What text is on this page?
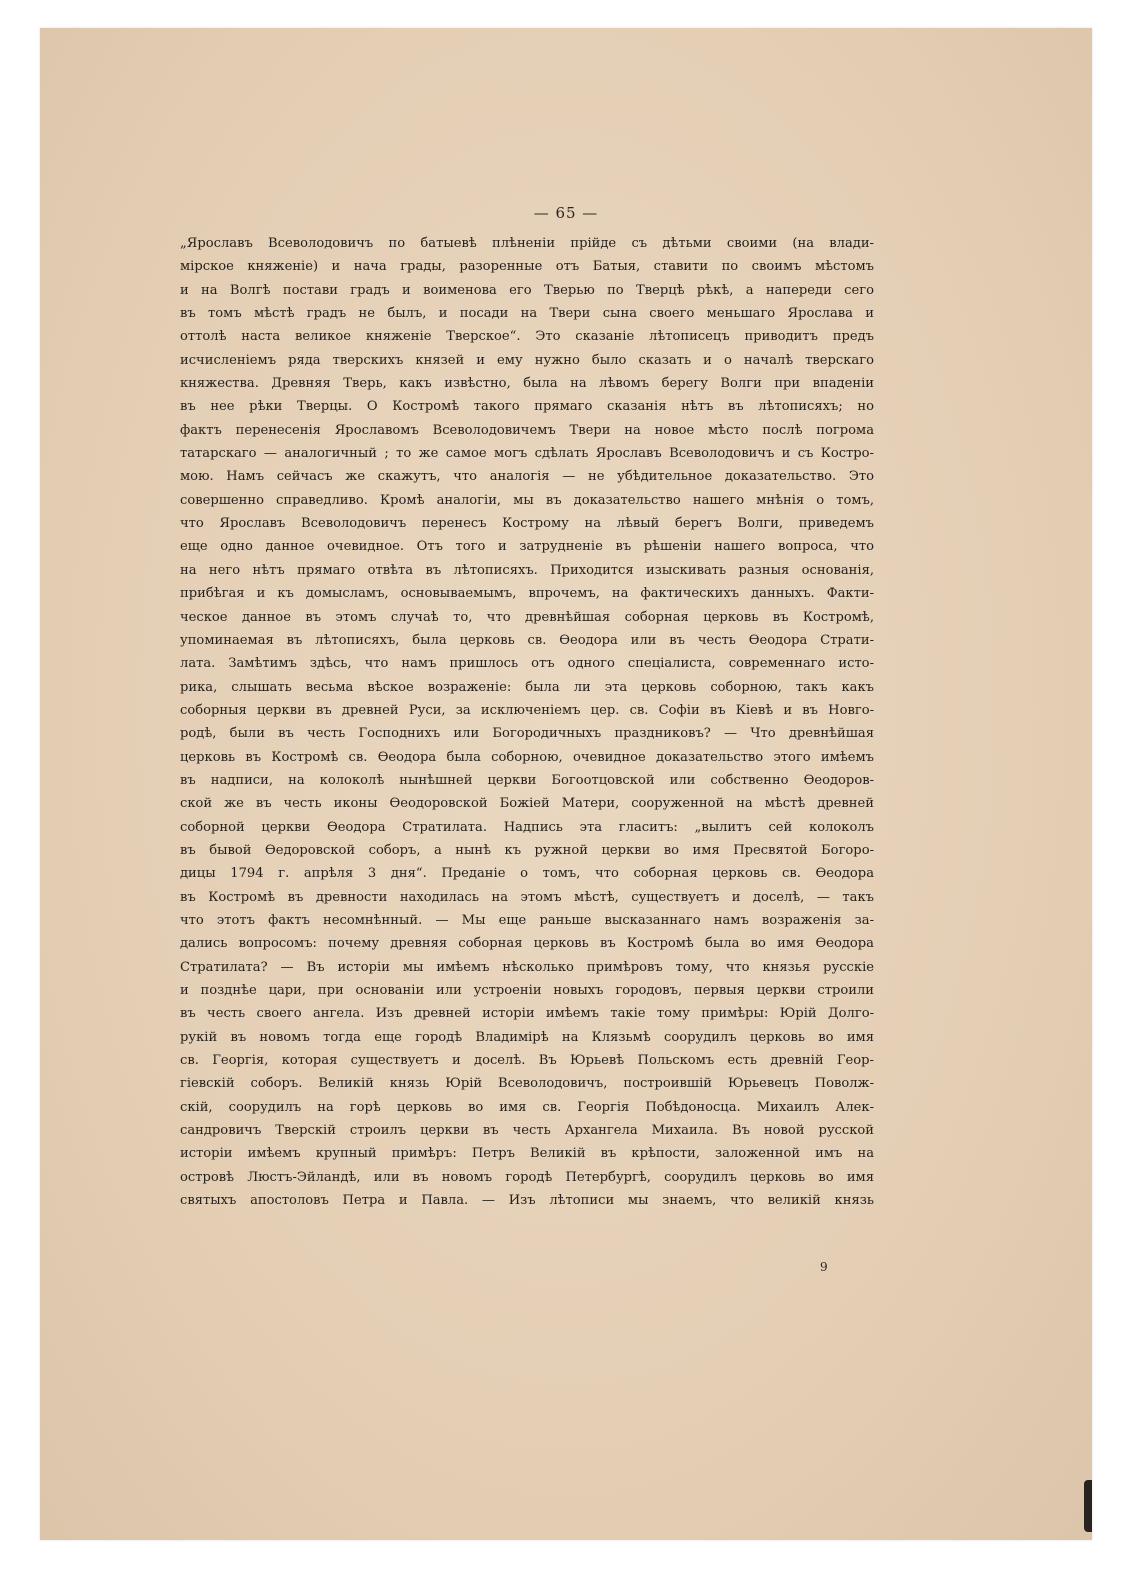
— 65 —
„Ярославъ Всеволодовичъ по батыевѣ плѣненіи прійде съ дѣтьми своими (на влади-
мірское княженіе) и нача грады, разоренные отъ Батыя, ставити по своимъ мѣстомъ
и на Волгѣ постави градъ и воименова его Тверью по Тверцѣ рѣкѣ, а напереди сего
въ томъ мѣстѣ градъ не былъ, и посади на Твери сына своего меньшаго Ярослава и
оттолѣ наста великое княженіе Тверское“. Это сказаніе лѣтописецъ приводитъ предъ
исчисленіемъ ряда тверскихъ князей и ему нужно было сказать и о началѣ тверскаго
княжества. Древняя Тверь, какъ извѣстно, была на лѣвомъ берегу Волги при впаденіи
въ нее рѣки Тверцы. О Костромѣ такого прямаго сказанія нѣтъ въ лѣтописяхъ; но
фактъ перенесенія Ярославомъ Всеволодовичемъ Твери на новое мѣсто послѣ погрома
татарскаго — аналогичный ; то же самое могъ сдѣлать Ярославъ Всеволодовичъ и съ Костро-
мою. Намъ сейчасъ же скажутъ, что аналогія — не убѣдительное доказательство. Это
совершенно справедливо. Кромѣ аналогіи, мы въ доказательство нашего мнѣнія о томъ,
что Ярославъ Всеволодовичъ перенесъ Кострому на лѣвый берегъ Волги, приведемъ
еще одно данное очевидное. Отъ того и затрудненіе въ рѣшеніи нашего вопроса, что
на него нѣтъ прямаго отвѣта въ лѣтописяхъ. Приходится изыскивать разныя основанія,
прибѣгая и къ домысламъ, основываемымъ, впрочемъ, на фактическихъ данныхъ. Факти-
ческое данное въ этомъ случаѣ то, что древнѣйшая соборная церковь въ Костромѣ,
упоминаемая въ лѣтописяхъ, была церковь св. Ѳеодора или въ честь Ѳеодора Страти-
лата. Замѣтимъ здѣсь, что намъ пришлось отъ одного спеціалиста, современнаго исто-
рика, слышать весьма вѣское возраженіе: была ли эта церковь соборною, такъ какъ
соборныя церкви въ древней Руси, за исключеніемъ цер. св. Софіи въ Кіевѣ и въ Новго-
родѣ, были въ честь Господнихъ или Богородичныхъ праздниковъ? — Что древнѣйшая
церковь въ Костромѣ св. Ѳеодора была соборною, очевидное доказательство этого имѣемъ
въ надписи, на колоколѣ нынѣшней церкви Богоотцовской или собственно Ѳеодоров-
ской же въ честь иконы Ѳеодоровской Божіей Матери, сооруженной на мѣстѣ древней
соборной церкви Ѳеодора Стратилата. Надпись эта гласитъ: „вылитъ сей колоколъ
въ бывой Ѳедоровской соборъ, а нынѣ къ ружной церкви во имя Пресвятой Богоро-
дицы 1794 г. апрѣля 3 дня“. Преданіе о томъ, что соборная церковь св. Ѳеодора
въ Костромѣ въ древности находилась на этомъ мѣстѣ, существуетъ и доселѣ, — такъ
что этотъ фактъ несомнѣнный. — Мы еще раньше высказаннаго намъ возраженія за-
дались вопросомъ: почему древняя соборная церковь въ Костромѣ была во имя Ѳеодора
Стратилата? — Въ исторіи мы имѣемъ нѣсколько примѣровъ тому, что князья русскіе
и позднѣе цари, при основаніи или устроеніи новыхъ городовъ, первыя церкви строили
въ честь своего ангела. Изъ древней исторіи имѣемъ такіе тому примѣры: Юрій Долго-
рукій въ новомъ тогда еще городѣ Владимірѣ на Клязьмѣ соорудилъ церковь во имя
св. Георгія, которая существуетъ и доселѣ. Въ Юрьевѣ Польскомъ есть древній Геор-
гіевскій соборъ. Великій князь Юрій Всеволодовичъ, построившій Юрьевецъ Поволж-
скій, соорудилъ на горѣ церковь во имя св. Георгія Побѣдоносца. Михаилъ Алек-
сандровичъ Тверскій строилъ церкви въ честь Архангела Михаила. Въ новой русской
исторіи имѣемъ крупный примѣръ: Петръ Великій въ крѣпости, заложенной имъ на
островѣ Люстъ-Эйландѣ, или въ новомъ городѣ Петербургѣ, соорудилъ церковь во имя
святыхъ апостоловъ Петра и Павла. — Изъ лѣтописи мы знаемъ, что великій князь
9
